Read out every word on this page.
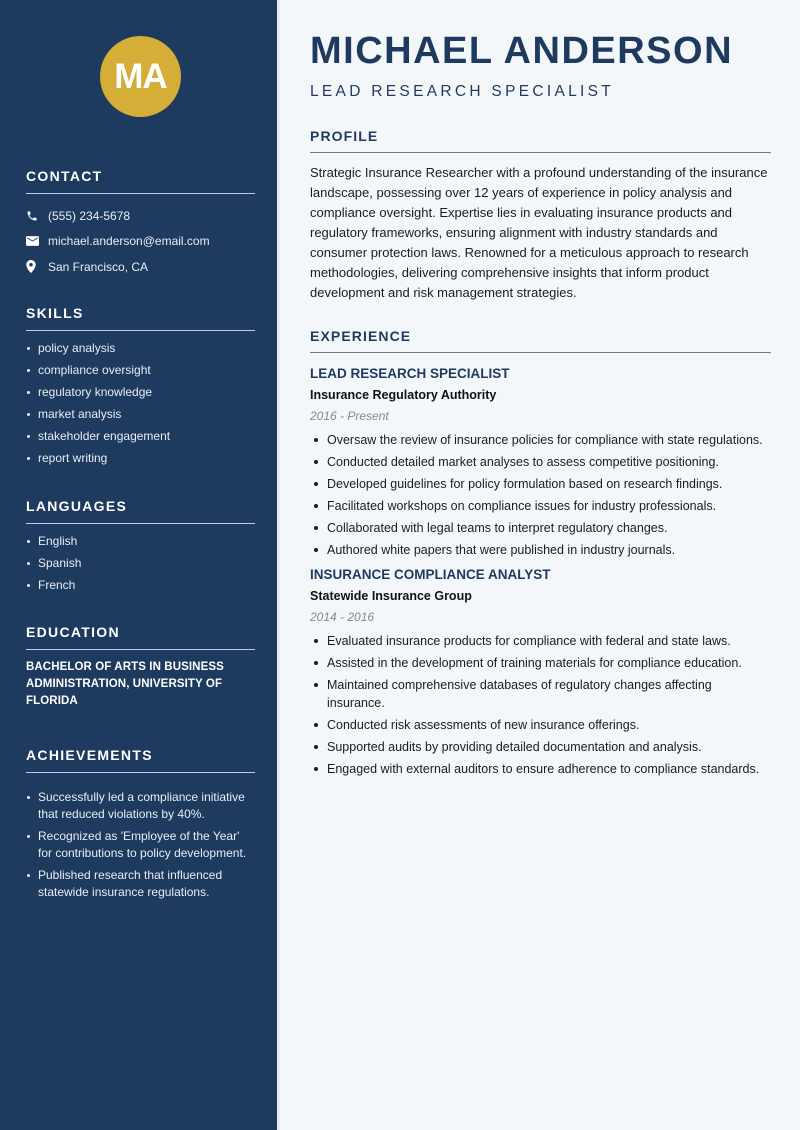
MA
CONTACT
(555) 234-5678
michael.anderson@email.com
San Francisco, CA
SKILLS
policy analysis
compliance oversight
regulatory knowledge
market analysis
stakeholder engagement
report writing
LANGUAGES
English
Spanish
French
EDUCATION

BACHELOR OF ARTS IN BUSINESS ADMINISTRATION, UNIVERSITY OF FLORIDA

ACHIEVEMENTS
Successfully led a compliance initiative that reduced violations by 40%.
Recognized as 'Employee of the Year' for contributions to policy development.
Published research that influenced statewide insurance regulations.
MICHAEL ANDERSON
LEAD RESEARCH SPECIALIST
PROFILE

Strategic Insurance Researcher with a profound understanding of the insurance landscape, possessing over 12 years of experience in policy analysis and compliance oversight. Expertise lies in evaluating insurance products and regulatory frameworks, ensuring alignment with industry standards and consumer protection laws. Renowned for a meticulous approach to research methodologies, delivering comprehensive insights that inform product development and risk management strategies.

EXPERIENCE
LEAD RESEARCH SPECIALIST
Insurance Regulatory Authority
2016 - Present
Oversaw the review of insurance policies for compliance with state regulations.
Conducted detailed market analyses to assess competitive positioning.
Developed guidelines for policy formulation based on research findings.
Facilitated workshops on compliance issues for industry professionals.
Collaborated with legal teams to interpret regulatory changes.
Authored white papers that were published in industry journals.
INSURANCE COMPLIANCE ANALYST
Statewide Insurance Group
2014 - 2016
Evaluated insurance products for compliance with federal and state laws.
Assisted in the development of training materials for compliance education.
Maintained comprehensive databases of regulatory changes affecting insurance.
Conducted risk assessments of new insurance offerings.
Supported audits by providing detailed documentation and analysis.
Engaged with external auditors to ensure adherence to compliance standards.
